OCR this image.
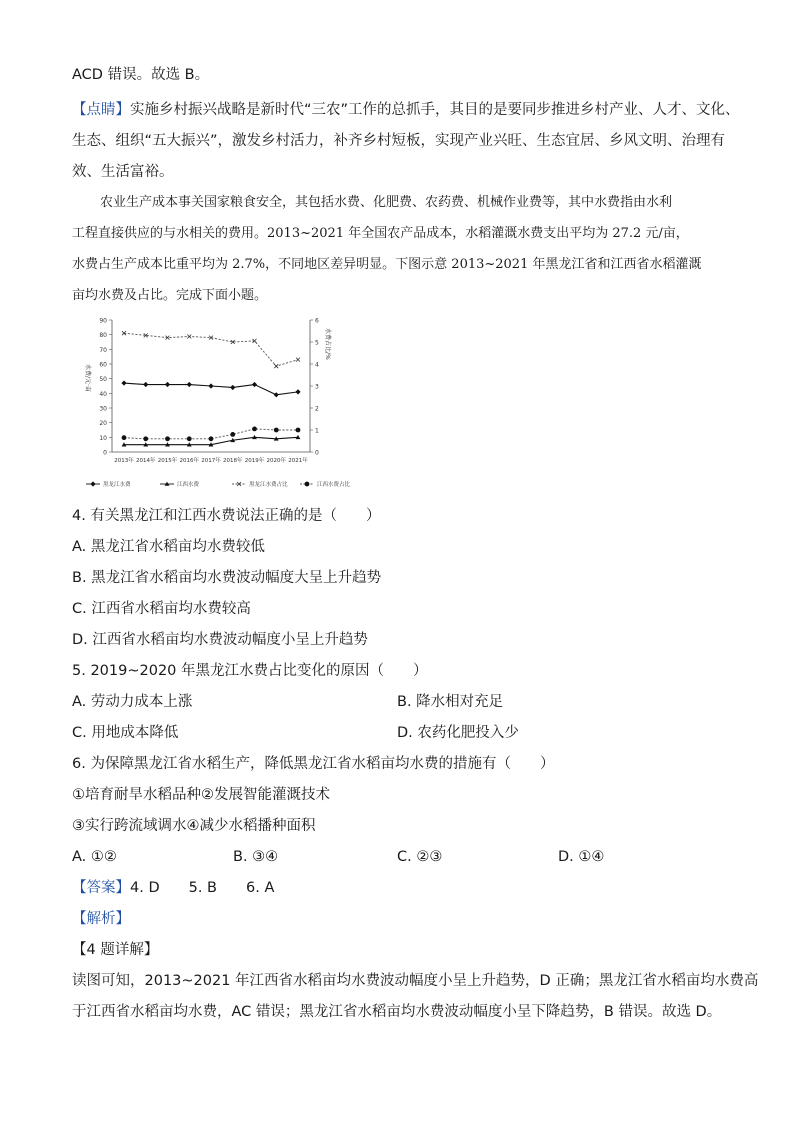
ACD 错误。故选 B。
【点睛】实施乡村振兴战略是新时代“三农”工作的总抓手，其目的是要同步推进乡村产业、人才、文化、
生态、组织“五大振兴”，激发乡村活力，补齐乡村短板，实现产业兴旺、生态宜居、乡风文明、治理有
效、生活富裕。
农业生产成本事关国家粮食安全，其包括水费、化肥费、农药费、机械作业费等，其中水费指由水利
工程直接供应的与水相关的费用。2013~2021 年全国农产品成本，水稻灌溉水费支出平均为 27.2 元/亩，
水费占生产成本比重平均为 2.7%，不同地区差异明显。下图示意 2013~2021 年黑龙江省和江西省水稻灌溉
亩均水费及占比。完成下面小题。
0
10
20
30
40
50
60
70
80
90
0
1
2
3
4
5
6
2013年 2014年 2015年 2016年 2017年 2018年 2019年 2020年 2021年
水费/元·亩
水费占比/%
黑龙江水费	江西水费	黑龙江水费占比	江西水费占比
4. 有关黑龙江和江西水费说法正确的是（　　）
A. 黑龙江省水稻亩均水费较低
B. 黑龙江省水稻亩均水费波动幅度大呈上升趋势
C. 江西省水稻亩均水费较高
D. 江西省水稻亩均水费波动幅度小呈上升趋势
5. 2019~2020 年黑龙江水费占比变化的原因（　　）
A. 劳动力成本上涨	B. 降水相对充足
C. 用地成本降低	D. 农药化肥投入少
6. 为保障黑龙江省水稻生产，降低黑龙江省水稻亩均水费的措施有（　　）
①培育耐旱水稻品种②发展智能灌溉技术
③实行跨流域调水④减少水稻播种面积
A. ①②	B. ③④	C. ②③	D. ①④
【答案】4. D　　5. B　　6. A
【解析】
【4 题详解】
读图可知，2013~2021 年江西省水稻亩均水费波动幅度小呈上升趋势，D 正确；黑龙江省水稻亩均水费高
于江西省水稻亩均水费，AC 错误；黑龙江省水稻亩均水费波动幅度小呈下降趋势，B 错误。故选 D。
